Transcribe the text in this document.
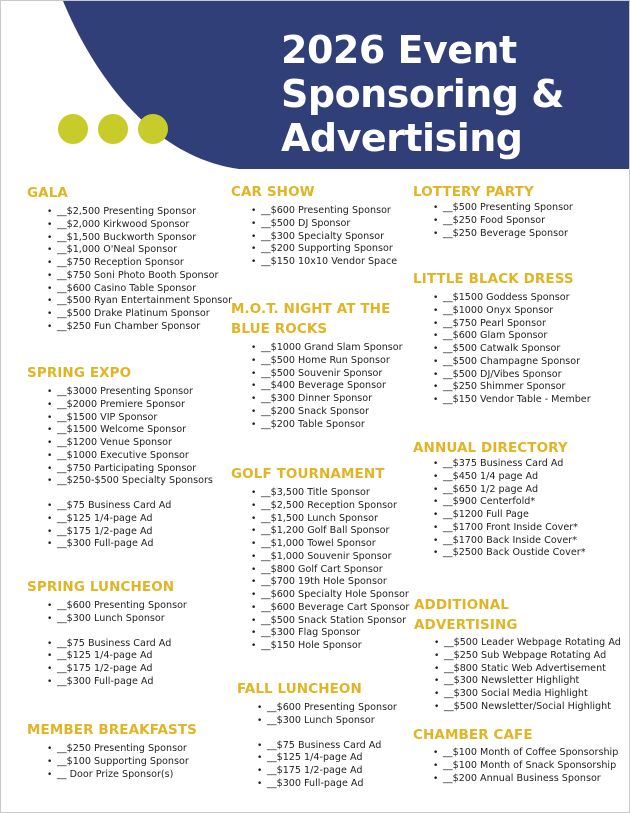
2026 Event
Sponsoring &
Advertising
GALA
• __$2,500 Presenting Sponsor
• __$2,000 Kirkwood Sponsor
• __$1,500 Buckworth Sponsor
• __$1,000 O'Neal Sponsor
• __$750 Reception Sponsor
• __$750 Soni Photo Booth Sponsor
• __$600 Casino Table Sponsor
• __$500 Ryan Entertainment Sponsor
• __$500 Drake Platinum Sponsor
• __$250 Fun Chamber Sponsor
SPRING EXPO
• __$3000 Presenting Sponsor
• __$2000 Premiere Sponsor
• __$1500 VIP Sponsor
• __$1500 Welcome Sponsor
• __$1200 Venue Sponsor
• __$1000 Executive Sponsor
• __$750 Participating Sponsor
• __$250-$500 Specialty Sponsors
• __$75 Business Card Ad
• __$125 1/4-page Ad
• __$175 1/2-page Ad
• __$300 Full-page Ad
SPRING LUNCHEON
• __$600 Presenting Sponsor
• __$300 Lunch Sponsor
• __$75 Business Card Ad
• __$125 1/4-page Ad
• __$175 1/2-page Ad
• __$300 Full-page Ad
MEMBER BREAKFASTS
• __$250 Presenting Sponsor
• __$100 Supporting Sponsor
• __ Door Prize Sponsor(s)
CAR SHOW
• __$600 Presenting Sponsor
• __$500 DJ Sponsor
• __$300 Specialty Sponsor
• __$200 Supporting Sponsor
• __$150 10x10 Vendor Space
M.O.T. NIGHT AT THE BLUE ROCKS
• __$1000 Grand Slam Sponsor
• __$500 Home Run Sponsor
• __$500 Souvenir Sponsor
• __$400 Beverage Sponsor
• __$300 Dinner Sponsor
• __$200 Snack Sponsor
• __$200 Table Sponsor
GOLF TOURNAMENT
• __$3,500 Title Sponsor
• __$2,500 Reception Sponsor
• __$1,500 Lunch Sponsor
• __$1,200 Golf Ball Sponsor
• __$1,000 Towel Sponsor
• __$1,000 Souvenir Sponsor
• __$800 Golf Cart Sponsor
• __$700 19th Hole Sponsor
• __$600 Specialty Hole Sponsor
• __$600 Beverage Cart Sponsor
• __$500 Snack Station Sponsor
• __$300 Flag Sponsor
• __$150 Hole Sponsor
FALL LUNCHEON
• __$600 Presenting Sponsor
• __$300 Lunch Sponsor
• __$75 Business Card Ad
• __$125 1/4-page Ad
• __$175 1/2-page Ad
• __$300 Full-page Ad
LOTTERY PARTY
• __$500 Presenting Sponsor
• __$250 Food Sponsor
• __$250 Beverage Sponsor
LITTLE BLACK DRESS
• __$1500 Goddess Sponsor
• __$1000 Onyx Sponsor
• __$750 Pearl Sponsor
• __$600 Glam Sponsor
• __$500 Catwalk Sponsor
• __$500 Champagne Sponsor
• __$500 DJ/Vibes Sponsor
• __$250 Shimmer Sponsor
• __$150 Vendor Table - Member
ANNUAL DIRECTORY
• __$375 Business Card Ad
• __$450 1/4 page Ad
• __$650 1/2 page Ad
• __$900 Centerfold*
• __$1200 Full Page
• __$1700 Front Inside Cover*
• __$1700 Back Inside Cover*
• __$2500 Back Oustide Cover*
ADDITIONAL ADVERTISING
• __$500 Leader Webpage Rotating Ad
• __$250 Sub Webpage Rotating Ad
• __$800 Static Web Advertisement
• __$300 Newsletter Highlight
• __$300 Social Media Highlight
• __$500 Newsletter/Social Highlight
CHAMBER CAFE
• __$100 Month of Coffee Sponsorship
• __$100 Month of Snack Sponsorship
• __$200 Annual Business Sponsor
